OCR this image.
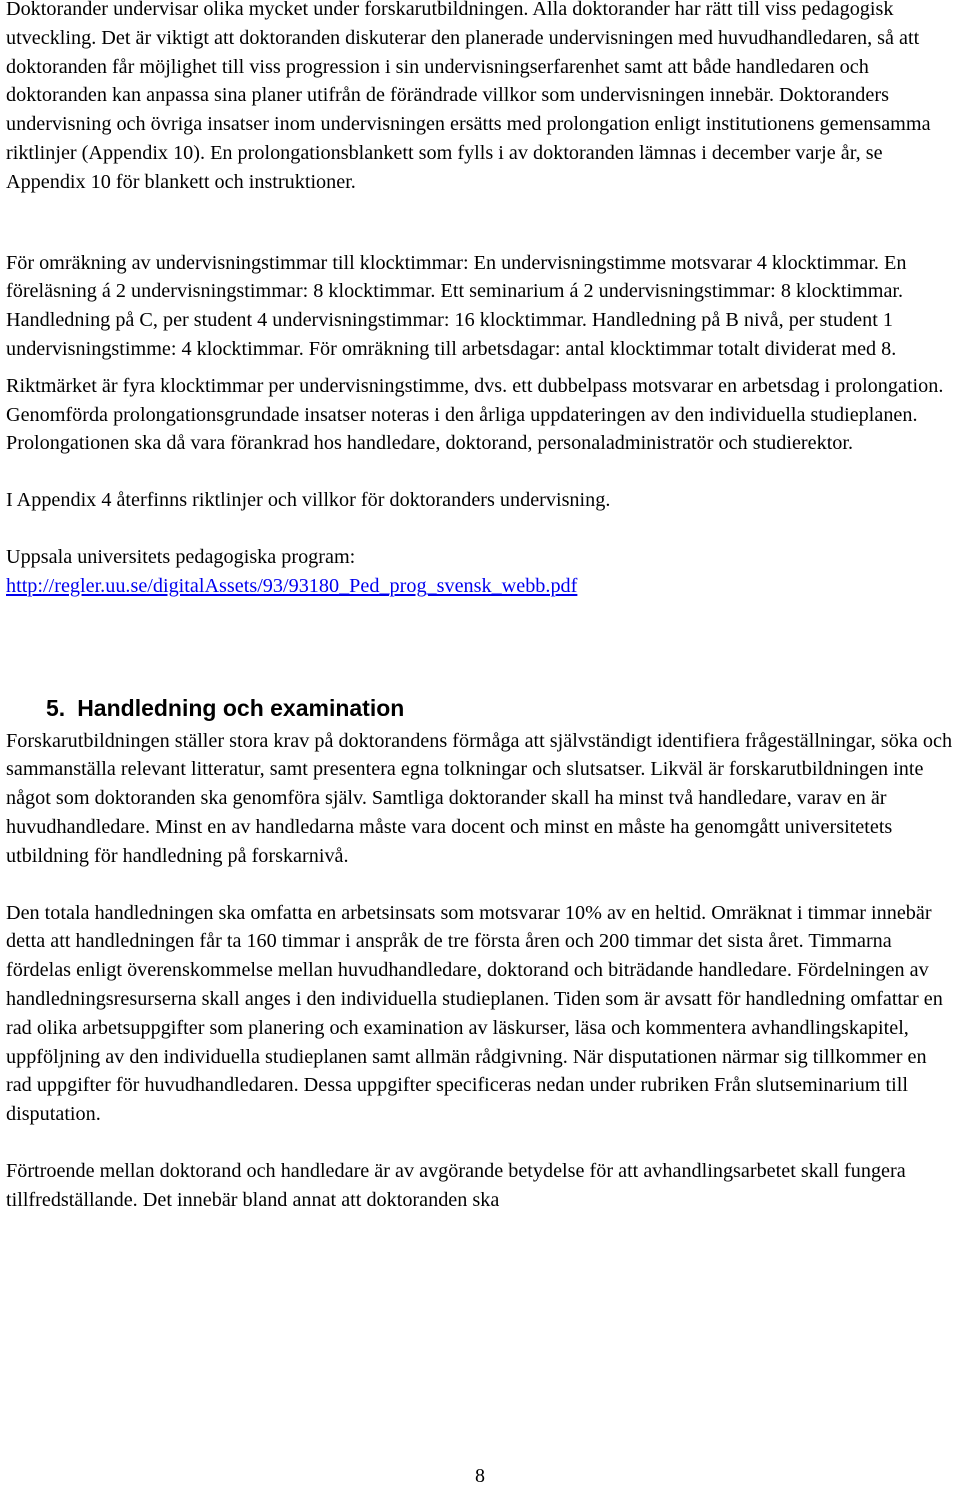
Doktorander undervisar olika mycket under forskarutbildningen. Alla doktorander har rätt till viss pedagogisk utveckling. Det är viktigt att doktoranden diskuterar den planerade undervisningen med huvudhandledaren, så att doktoranden får möjlighet till viss progression i sin undervisningserfarenhet samt att både handledaren och doktoranden kan anpassa sina planer utifrån de förändrade villkor som undervisningen innebär. Doktoranders undervisning och övriga insatser inom undervisningen ersätts med prolongation enligt institutionens gemensamma riktlinjer (Appendix 10). En prolongationsblankett som fylls i av doktoranden lämnas i december varje år, se Appendix 10 för blankett och instruktioner.

För omräkning av undervisningstimmar till klocktimmar: En undervisningstimme motsvarar 4 klocktimmar. En föreläsning á 2 undervisningstimmar: 8 klocktimmar. Ett seminarium á 2 undervisningstimmar: 8 klocktimmar. Handledning på C, per student 4 undervisningstimmar: 16 klocktimmar. Handledning på B nivå, per student 1 undervisningstimme: 4 klocktimmar. För omräkning till arbetsdagar: antal klocktimmar totalt dividerat med 8.

Riktmärket är fyra klocktimmar per undervisningstimme, dvs. ett dubbelpass motsvarar en arbetsdag i prolongation. Genomförda prolongationsgrundade insatser noteras i den årliga uppdateringen av den individuella studieplanen. Prolongationen ska då vara förankrad hos handledare, doktorand, personaladministratör och studierektor.

I Appendix 4 återfinns riktlinjer och villkor för doktoranders undervisning.

Uppsala universitets pedagogiska program:
http://regler.uu.se/digitalAssets/93/93180_Ped_prog_svensk_webb.pdf

5. Handledning och examination

Forskarutbildningen ställer stora krav på doktorandens förmåga att självständigt identifiera frågeställningar, söka och sammanställa relevant litteratur, samt presentera egna tolkningar och slutsatser. Likväl är forskarutbildningen inte något som doktoranden ska genomföra själv. Samtliga doktorander skall ha minst två handledare, varav en är huvudhandledare. Minst en av handledarna måste vara docent och minst en måste ha genomgått universitetets utbildning för handledning på forskarnivå.

Den totala handledningen ska omfatta en arbetsinsats som motsvarar 10% av en heltid. Omräknat i timmar innebär detta att handledningen får ta 160 timmar i anspråk de tre första åren och 200 timmar det sista året. Timmarna fördelas enligt överenskommelse mellan huvudhandledare, doktorand och biträdande handledare. Fördelningen av handledningsresurserna skall anges i den individuella studieplanen. Tiden som är avsatt för handledning omfattar en rad olika arbetsuppgifter som planering och examination av läskurser, läsa och kommentera avhandlingskapitel, uppföljning av den individuella studieplanen samt allmän rådgivning. När disputationen närmar sig tillkommer en rad uppgifter för huvudhandledaren. Dessa uppgifter specificeras nedan under rubriken Från slutseminarium till disputation.

Förtroende mellan doktorand och handledare är av avgörande betydelse för att avhandlingsarbetet skall fungera tillfredställande. Det innebär bland annat att doktoranden ska

8
